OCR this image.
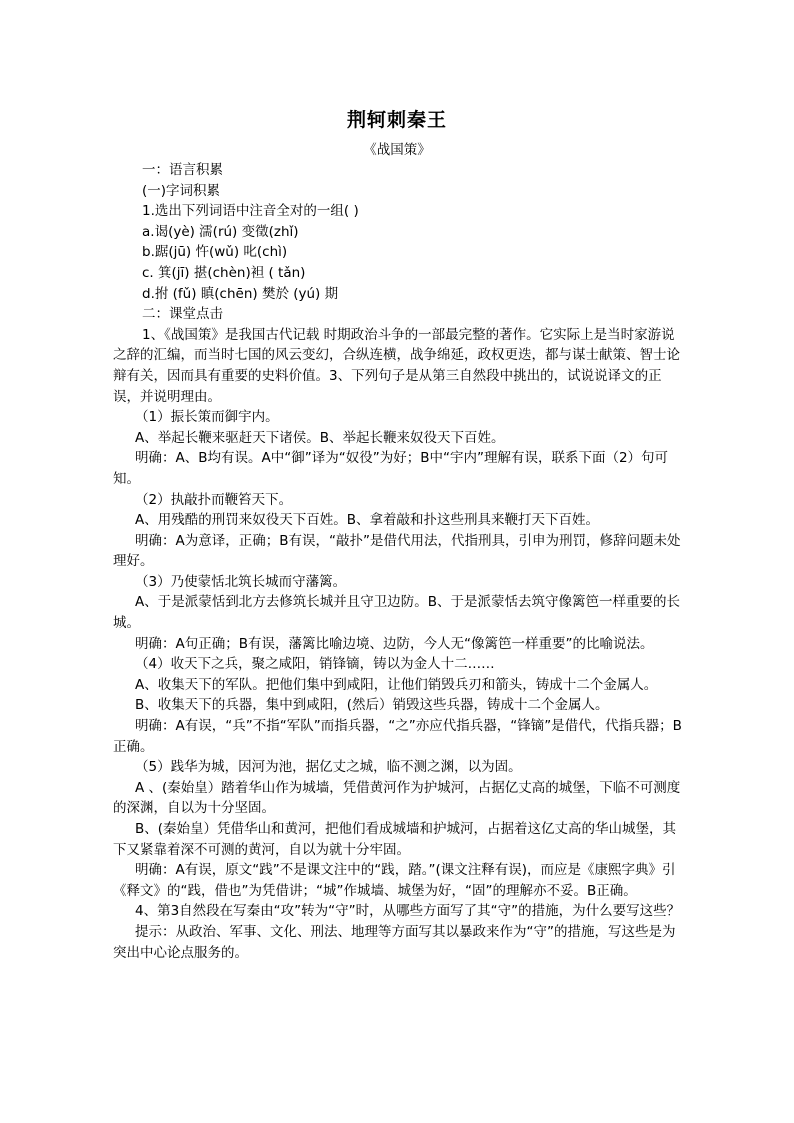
荆轲刺秦王
《战国策》

一：语言积累

(一)字词积累

1.选出下列词语中注音全对的一组( )

a.谒(yè) 濡(rú) 变徵(zhǐ)

b.踞(jū) 忤(wǔ) 叱(chì)

c. 箕(jī) 揕(chèn)袒 ( tǎn)

d.拊 (fǔ) 瞋(chēn) 樊於 (yú) 期

二：课堂点击

1、《战国策》是我国古代记载 时期政治斗争的一部最完整的著作。它实际上是当时家游说之辞的汇编，而当时七国的风云变幻，合纵连横，战争绵延，政权更迭，都与谋士献策、智士论辩有关，因而具有重要的史料价值。3、下列句子是从第三自然段中挑出的，试说说译文的正误，并说明理由。

（1）振长策而御宇内。

A、举起长鞭来驱赶天下诸侯。B、举起长鞭来奴役天下百姓。

明确：A、B均有误。A中“御”译为“奴役”为好；B中“宇内”理解有误，联系下面（2）句可知。

（2）执敲扑而鞭笞天下。

A、用残酷的刑罚来奴役天下百姓。B、拿着敲和扑这些刑具来鞭打天下百姓。

明确：A为意译，正确；B有误，“敲扑”是借代用法，代指刑具，引申为刑罚，修辞问题未处理好。

（3）乃使蒙恬北筑长城而守藩篱。

A、于是派蒙恬到北方去修筑长城并且守卫边防。B、于是派蒙恬去筑守像篱笆一样重要的长城。

明确：A句正确；B有误，藩篱比喻边境、边防，今人无“像篱笆一样重要”的比喻说法。

（4）收天下之兵，聚之咸阳，销锋镝，铸以为金人十二……

A、收集天下的军队。把他们集中到咸阳，让他们销毁兵刃和箭头，铸成十二个金属人。

B、收集天下的兵器，集中到咸阳，(然后）销毁这些兵器，铸成十二个金属人。

明确：A有误，“兵”不指“军队”而指兵器，“之”亦应代指兵器，“锋镝”是借代，代指兵器；B正确。

（5）践华为城，因河为池，据亿丈之城，临不测之渊，以为固。

A 、(秦始皇）踏着华山作为城墙，凭借黄河作为护城河，占据亿丈高的城堡，下临不可测度的深渊，自以为十分坚固。

B、(秦始皇）凭借华山和黄河，把他们看成城墙和护城河，占据着这亿丈高的华山城堡，其下又紧靠着深不可测的黄河，自以为就十分牢固。

明确：A有误，原文“践”不是课文注中的“践，踏。”(课文注释有误)，而应是《康熙字典》引《释文》的“践，借也”为凭借讲；“城”作城墙、城堡为好，“固”的理解亦不妥。B正确。

4、第3自然段在写秦由“攻”转为“守”时，从哪些方面写了其“守”的措施，为什么要写这些？

提示：从政治、军事、文化、刑法、地理等方面写其以暴政来作为“守”的措施，写这些是为突出中心论点服务的。
